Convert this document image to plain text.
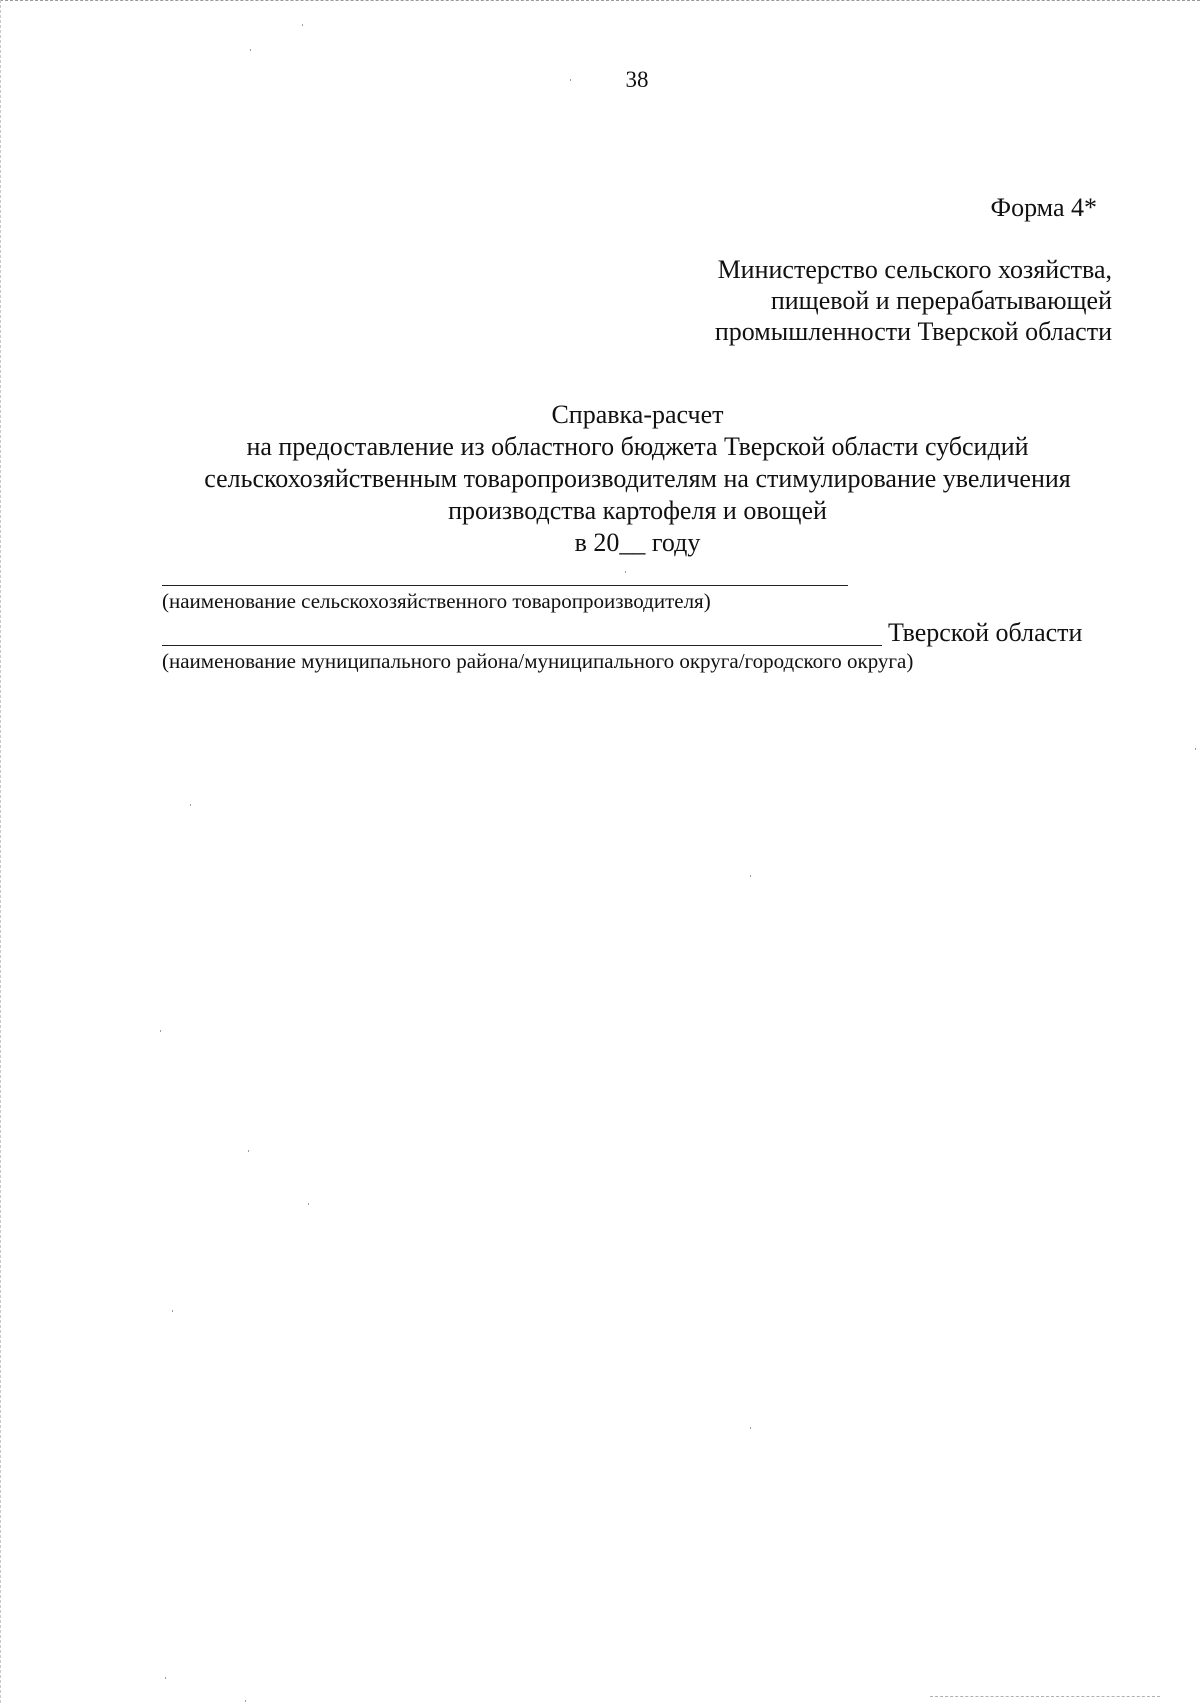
38
Форма 4*
Министерство сельского хозяйства,
пищевой и перерабатывающей
промышленности Тверской области
Справка-расчет
на предоставление из областного бюджета Тверской области субсидий
сельскохозяйственным товаропроизводителям на стимулирование увеличения
производства картофеля и овощей
в 20__ году
(наименование сельскохозяйственного товаропроизводителя)
Тверской области
(наименование муниципального района/муниципального округа/городского округа)
